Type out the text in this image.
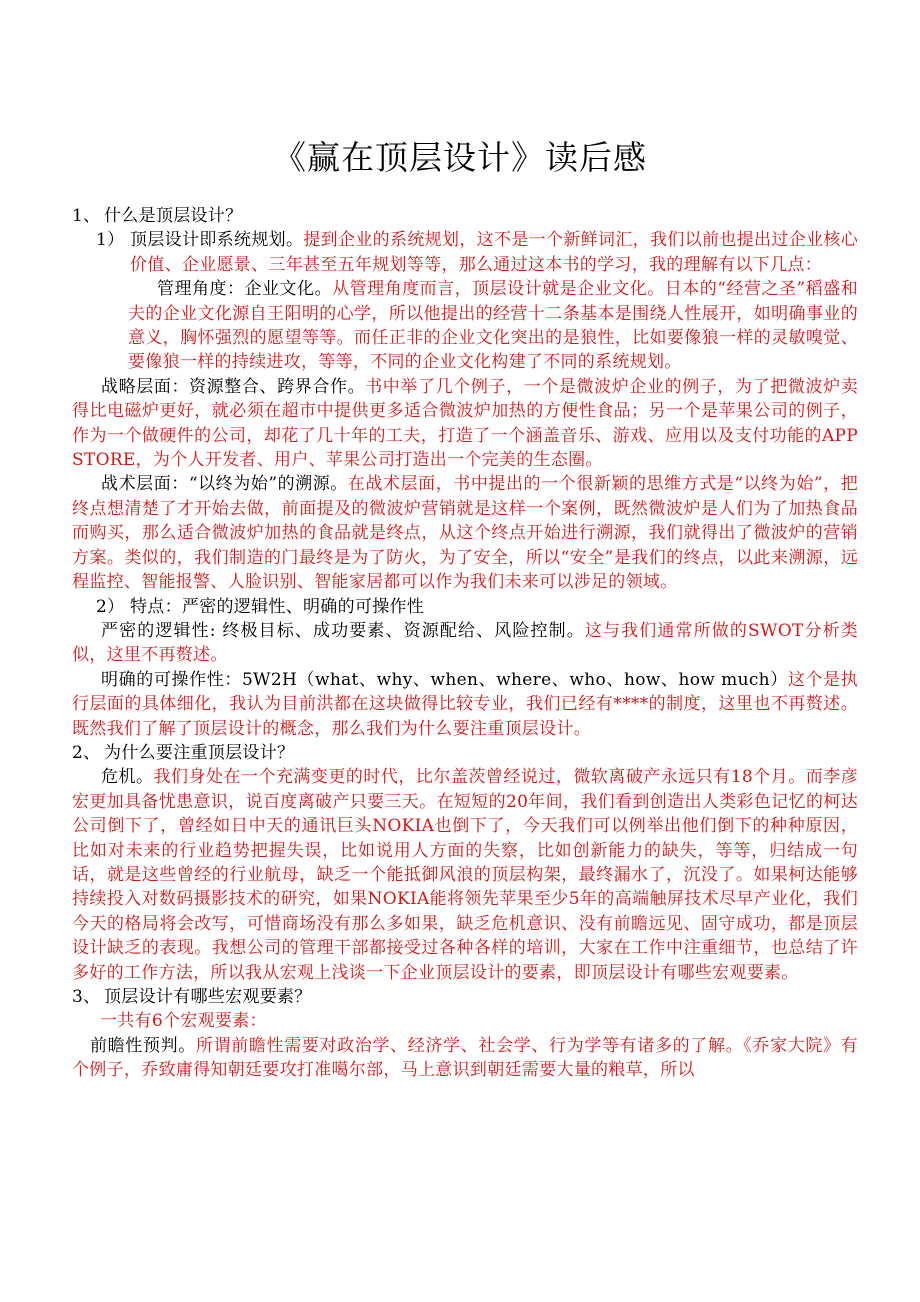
《赢在顶层设计》读后感
1、 什么是顶层设计？
1） 顶层设计即系统规划。提到企业的系统规划，这不是一个新鲜词汇，我们以前也提出过企业核心价值、企业愿景、三年甚至五年规划等等，那么通过这本书的学习，我的理解有以下几点：

管理角度：企业文化。从管理角度而言，顶层设计就是企业文化。日本的“经营之圣”稻盛和夫的企业文化源自王阳明的心学，所以他提出的经营十二条基本是围绕人性展开，如明确事业的意义，胸怀强烈的愿望等等。而任正非的企业文化突出的是狼性，比如要像狼一样的灵敏嗅觉、要像狼一样的持续进攻，等等，不同的企业文化构建了不同的系统规划。

战略层面：资源整合、跨界合作。书中举了几个例子，一个是微波炉企业的例子，为了把微波炉卖得比电磁炉更好，就必须在超市中提供更多适合微波炉加热的方便性食品；另一个是苹果公司的例子，作为一个做硬件的公司，却花了几十年的工夫，打造了一个涵盖音乐、游戏、应用以及支付功能的APP STORE，为个人开发者、用户、苹果公司打造出一个完美的生态圈。

战术层面：“以终为始”的溯源。在战术层面，书中提出的一个很新颖的思维方式是“以终为始”，把终点想清楚了才开始去做，前面提及的微波炉营销就是这样一个案例，既然微波炉是人们为了加热食品而购买，那么适合微波炉加热的食品就是终点，从这个终点开始进行溯源，我们就得出了微波炉的营销方案。类似的，我们制造的门最终是为了防火，为了安全，所以“安全”是我们的终点，以此来溯源，远程监控、智能报警、人脸识别、智能家居都可以作为我们未来可以涉足的领域。

2） 特点：严密的逻辑性、明确的可操作性

严密的逻辑性: 终极目标、成功要素、资源配给、风险控制。这与我们通常所做的SWOT分析类似，这里不再赘述。

明确的可操作性：5W2H（what、why、when、where、who、how、how much）这个是执行层面的具体细化，我认为目前洪都在这块做得比较专业，我们已经有****的制度，这里也不再赘述。既然我们了解了顶层设计的概念，那么我们为什么要注重顶层设计。

2、 为什么要注重顶层设计？

危机。我们身处在一个充满变更的时代，比尔盖茨曾经说过，微软离破产永远只有18个月。而李彦宏更加具备忧患意识，说百度离破产只要三天。在短短的20年间，我们看到创造出人类彩色记忆的柯达公司倒下了，曾经如日中天的通讯巨头NOKIA也倒下了，今天我们可以例举出他们倒下的种种原因，比如对未来的行业趋势把握失误，比如说用人方面的失察，比如创新能力的缺失，等等，归结成一句话，就是这些曾经的行业航母，缺乏一个能抵御风浪的顶层构架，最终漏水了，沉没了。如果柯达能够持续投入对数码摄影技术的研究，如果NOKIA能将领先苹果至少5年的高端触屏技术尽早产业化，我们今天的格局将会改写，可惜商场没有那么多如果，缺乏危机意识、没有前瞻远见、固守成功，都是顶层设计缺乏的表现。我想公司的管理干部都接受过各种各样的培训，大家在工作中注重细节，也总结了许多好的工作方法，所以我从宏观上浅谈一下企业顶层设计的要素，即顶层设计有哪些宏观要素。

3、 顶层设计有哪些宏观要素？

一共有6个宏观要素：

前瞻性预判。所谓前瞻性需要对政治学、经济学、社会学、行为学等有诸多的了解。《乔家大院》有个例子，乔致庸得知朝廷要攻打准噶尔部，马上意识到朝廷需要大量的粮草，所以
